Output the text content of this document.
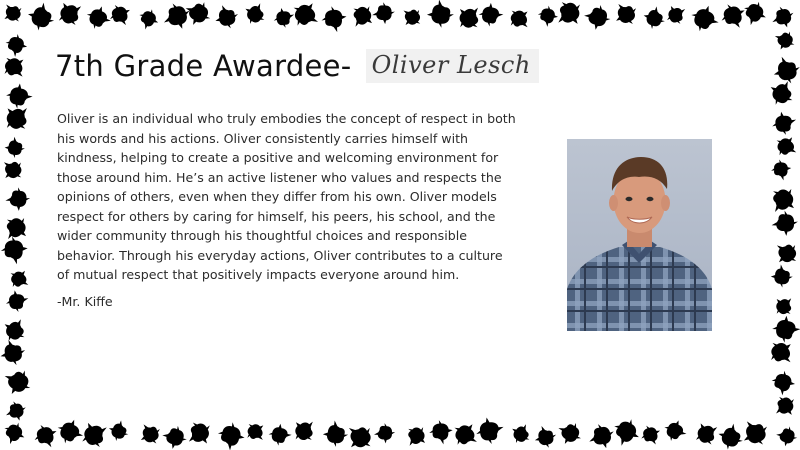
7th Grade Awardee- Oliver Lesch

Oliver is an individual who truly embodies the concept of respect in both his words and his actions. Oliver consistently carries himself with kindness, helping to create a positive and welcoming environment for those around him. He’s an active listener who values and respects the opinions of others, even when they differ from his own. Oliver models respect for others by caring for himself, his peers, his school, and the wider community through his thoughtful choices and responsible behavior. Through his everyday actions, Oliver contributes to a culture of mutual respect that positively impacts everyone around him.

-Mr. Kiffe
